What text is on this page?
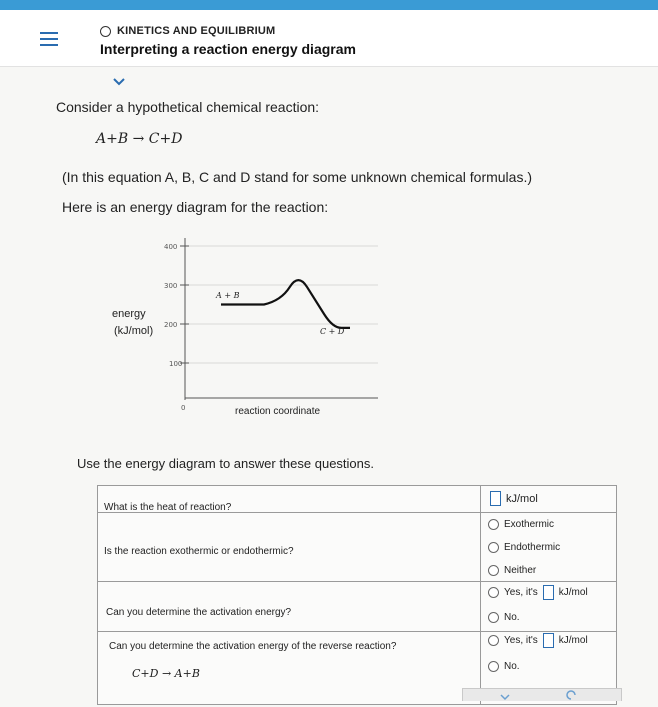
KINETICS AND EQUILIBRIUM
Interpreting a reaction energy diagram
Consider a hypothetical chemical reaction:
A+B → C+D
(In this equation A, B, C and D stand for some unknown chemical formulas.)
Here is an energy diagram for the reaction:
400
300
200
100
0
energy
(kJ/mol)
A + B
C + D
reaction coordinate
Use the energy diagram to answer these questions.
What is the heat of reaction?
kJ/mol
Is the reaction exothermic or endothermic?
Exothermic
Endothermic
Neither
Can you determine the activation energy?
Yes, it's kJ/mol
No.
Can you determine the activation energy of the reverse reaction?
C+D → A+B
Yes, it's kJ/mol
No.
